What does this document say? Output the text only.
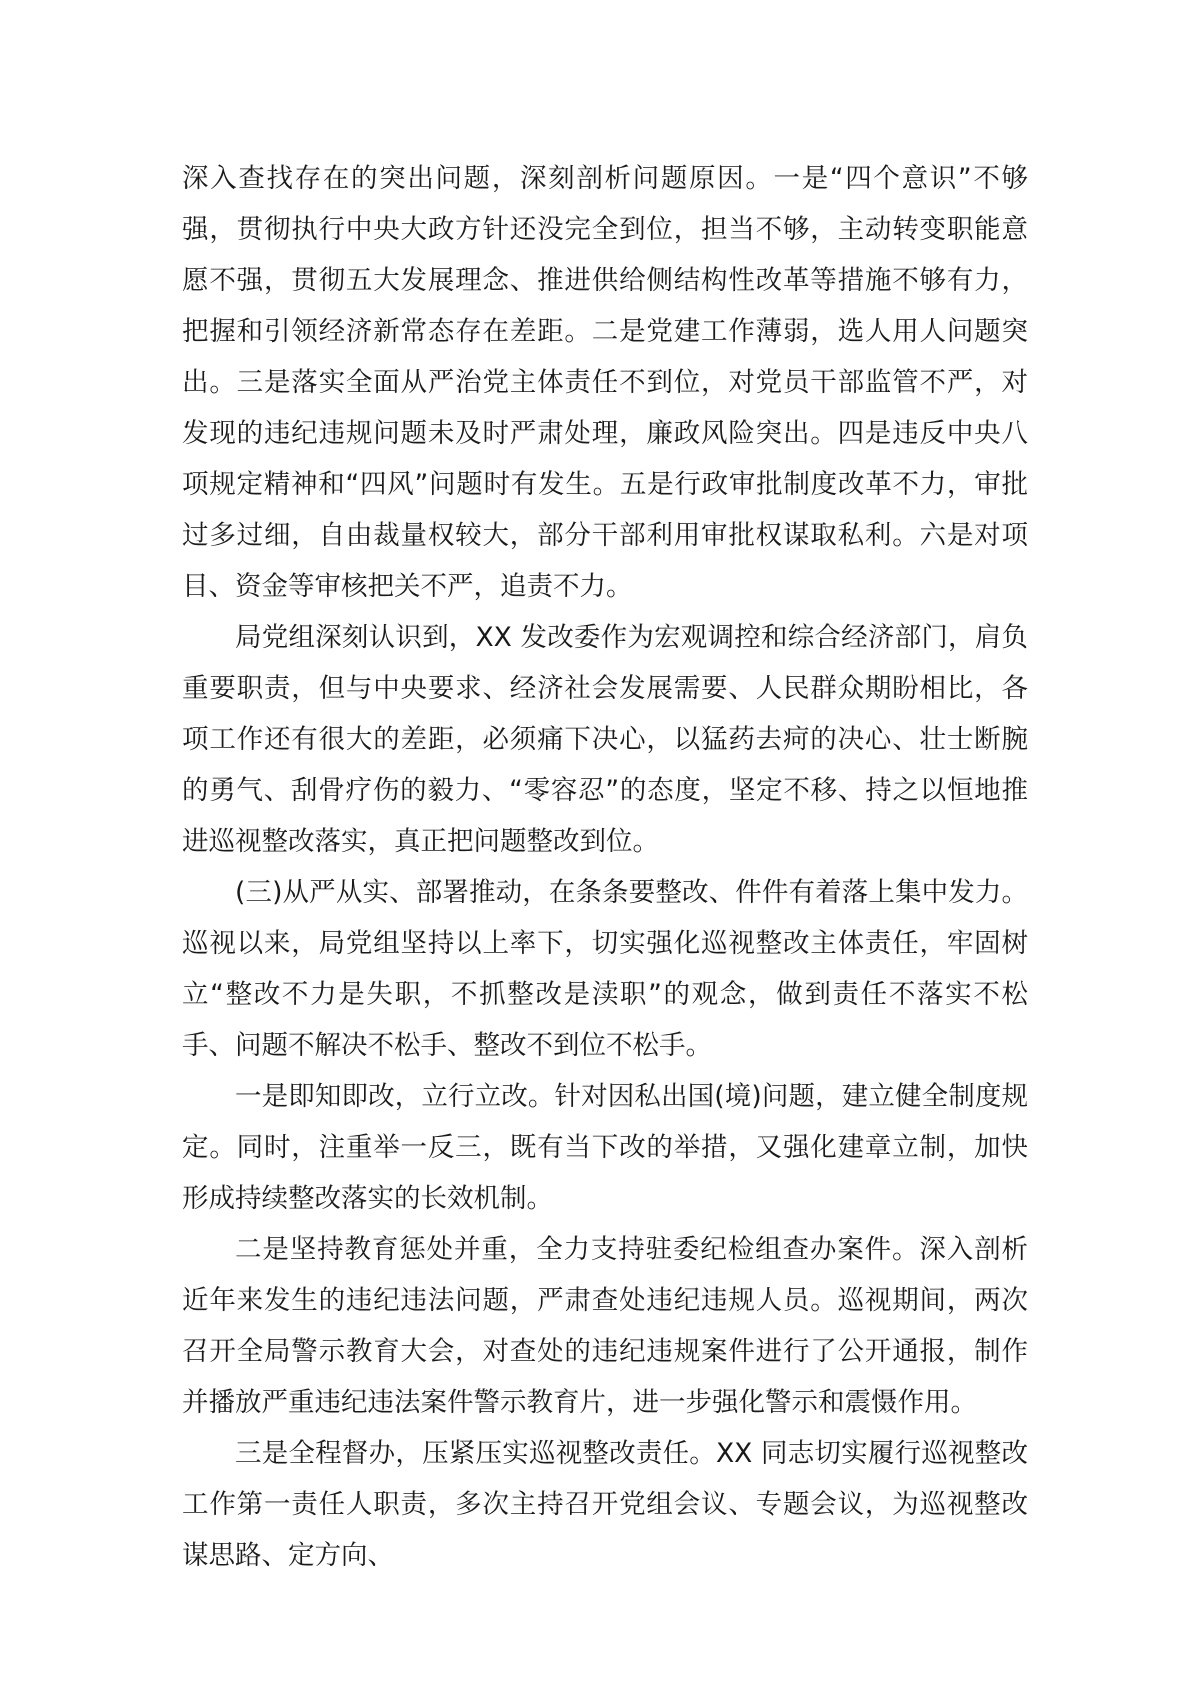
深入查找存在的突出问题，深刻剖析问题原因。一是“四个意识”不够强，贯彻执行中央大政方针还没完全到位，担当不够，主动转变职能意愿不强，贯彻五大发展理念、推进供给侧结构性改革等措施不够有力，把握和引领经济新常态存在差距。二是党建工作薄弱，选人用人问题突出。三是落实全面从严治党主体责任不到位，对党员干部监管不严，对发现的违纪违规问题未及时严肃处理，廉政风险突出。四是违反中央八项规定精神和“四风”问题时有发生。五是行政审批制度改革不力，审批过多过细，自由裁量权较大，部分干部利用审批权谋取私利。六是对项目、资金等审核把关不严，追责不力。

局党组深刻认识到，XX 发改委作为宏观调控和综合经济部门，肩负重要职责，但与中央要求、经济社会发展需要、人民群众期盼相比，各项工作还有很大的差距，必须痛下决心，以猛药去疴的决心、壮士断腕的勇气、刮骨疗伤的毅力、“零容忍”的态度，坚定不移、持之以恒地推进巡视整改落实，真正把问题整改到位。

(三)从严从实、部署推动，在条条要整改、件件有着落上集中发力。巡视以来，局党组坚持以上率下，切实强化巡视整改主体责任，牢固树立“整改不力是失职，不抓整改是渎职”的观念，做到责任不落实不松手、问题不解决不松手、整改不到位不松手。

一是即知即改，立行立改。针对因私出国(境)问题，建立健全制度规定。同时，注重举一反三，既有当下改的举措，又强化建章立制，加快形成持续整改落实的长效机制。

二是坚持教育惩处并重，全力支持驻委纪检组查办案件。深入剖析近年来发生的违纪违法问题，严肃查处违纪违规人员。巡视期间，两次召开全局警示教育大会，对查处的违纪违规案件进行了公开通报，制作并播放严重违纪违法案件警示教育片，进一步强化警示和震慑作用。

三是全程督办，压紧压实巡视整改责任。XX 同志切实履行巡视整改工作第一责任人职责，多次主持召开党组会议、专题会议，为巡视整改谋思路、定方向、
